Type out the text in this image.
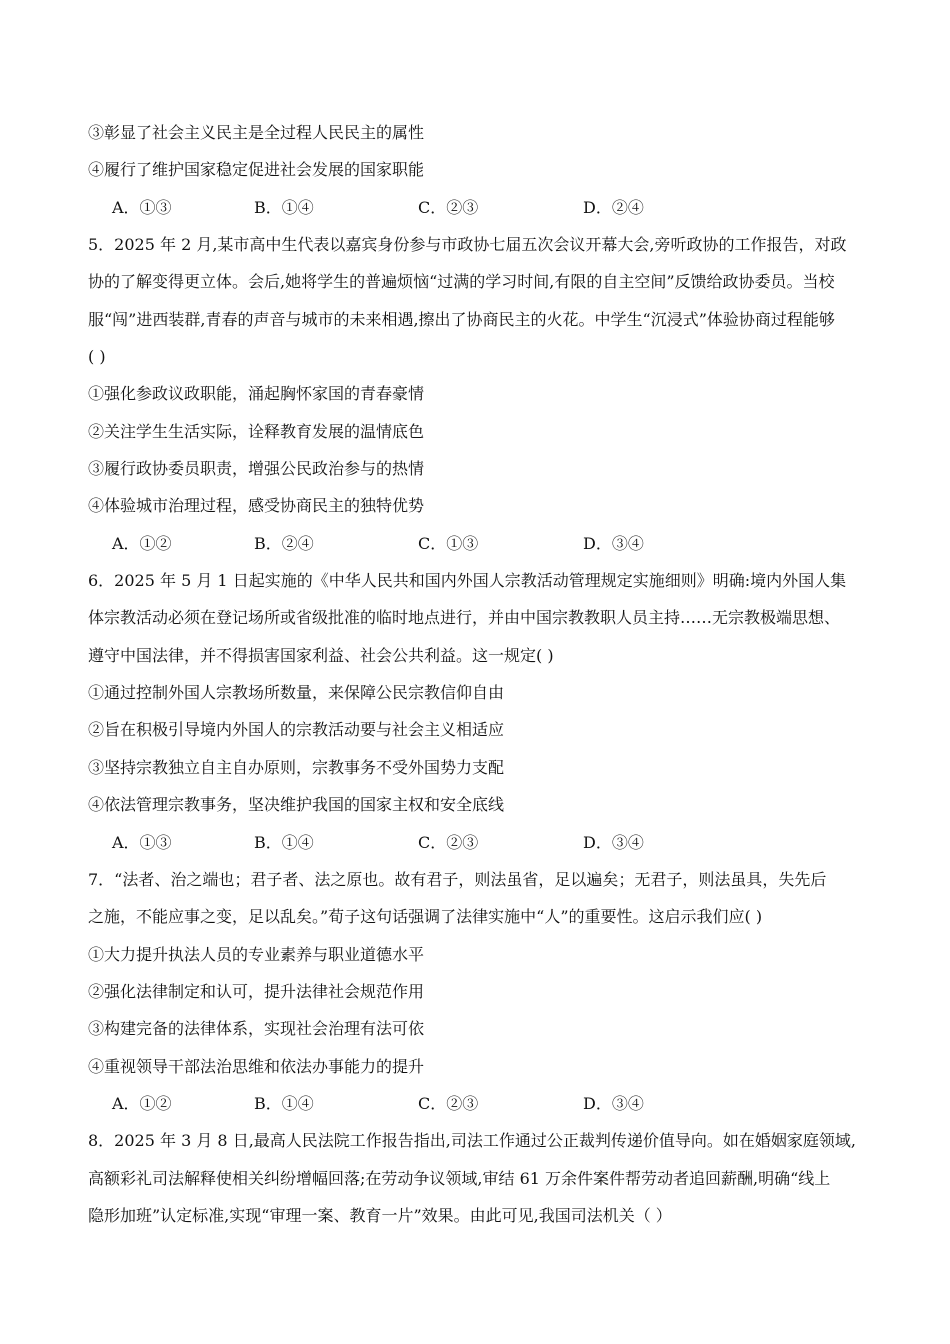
③彰显了社会主义民主是全过程人民民主的属性
④履行了维护国家稳定促进社会发展的国家职能
A．①③	B．①④	C．②③	D．②④
5．2025 年 2 月,某市高中生代表以嘉宾身份参与市政协七届五次会议开幕大会,旁听政协的工作报告，对政
协的了解变得更立体。会后,她将学生的普遍烦恼“过满的学习时间,有限的自主空间”反馈给政协委员。当校
服“闯”进西装群,青春的声音与城市的未来相遇,擦出了协商民主的火花。中学生“沉浸式”体验协商过程能够
( )
①强化参政议政职能，涌起胸怀家国的青春豪情
②关注学生生活实际，诠释教育发展的温情底色
③履行政协委员职责，增强公民政治参与的热情
④体验城市治理过程，感受协商民主的独特优势
A．①②	B．②④	C．①③	D．③④
6．2025 年 5 月 1 日起实施的《中华人民共和国内外国人宗教活动管理规定实施细则》明确:境内外国人集
体宗教活动必须在登记场所或省级批准的临时地点进行，并由中国宗教教职人员主持……无宗教极端思想、
遵守中国法律，并不得损害国家利益、社会公共利益。这一规定( )
①通过控制外国人宗教场所数量，来保障公民宗教信仰自由
②旨在积极引导境内外国人的宗教活动要与社会主义相适应
③坚持宗教独立自主自办原则，宗教事务不受外国势力支配
④依法管理宗教事务，坚决维护我国的国家主权和安全底线
A．①③	B．①④	C．②③	D．③④
7．“法者、治之端也；君子者、法之原也。故有君子，则法虽省，足以遍矣；无君子，则法虽具，失先后
之施，不能应事之变，足以乱矣。”荀子这句话强调了法律实施中“人”的重要性。这启示我们应( )
①大力提升执法人员的专业素养与职业道德水平
②强化法律制定和认可，提升法律社会规范作用
③构建完备的法律体系，实现社会治理有法可依
④重视领导干部法治思维和依法办事能力的提升
A．①②	B．①④	C．②③	D．③④
8．2025 年 3 月 8 日,最高人民法院工作报告指出,司法工作通过公正裁判传递价值导向。如在婚姻家庭领域,
高额彩礼司法解释使相关纠纷增幅回落;在劳动争议领域,审结 61 万余件案件帮劳动者追回薪酬,明确“线上
隐形加班”认定标准,实现“审理一案、教育一片”效果。由此可见,我国司法机关（ ）
